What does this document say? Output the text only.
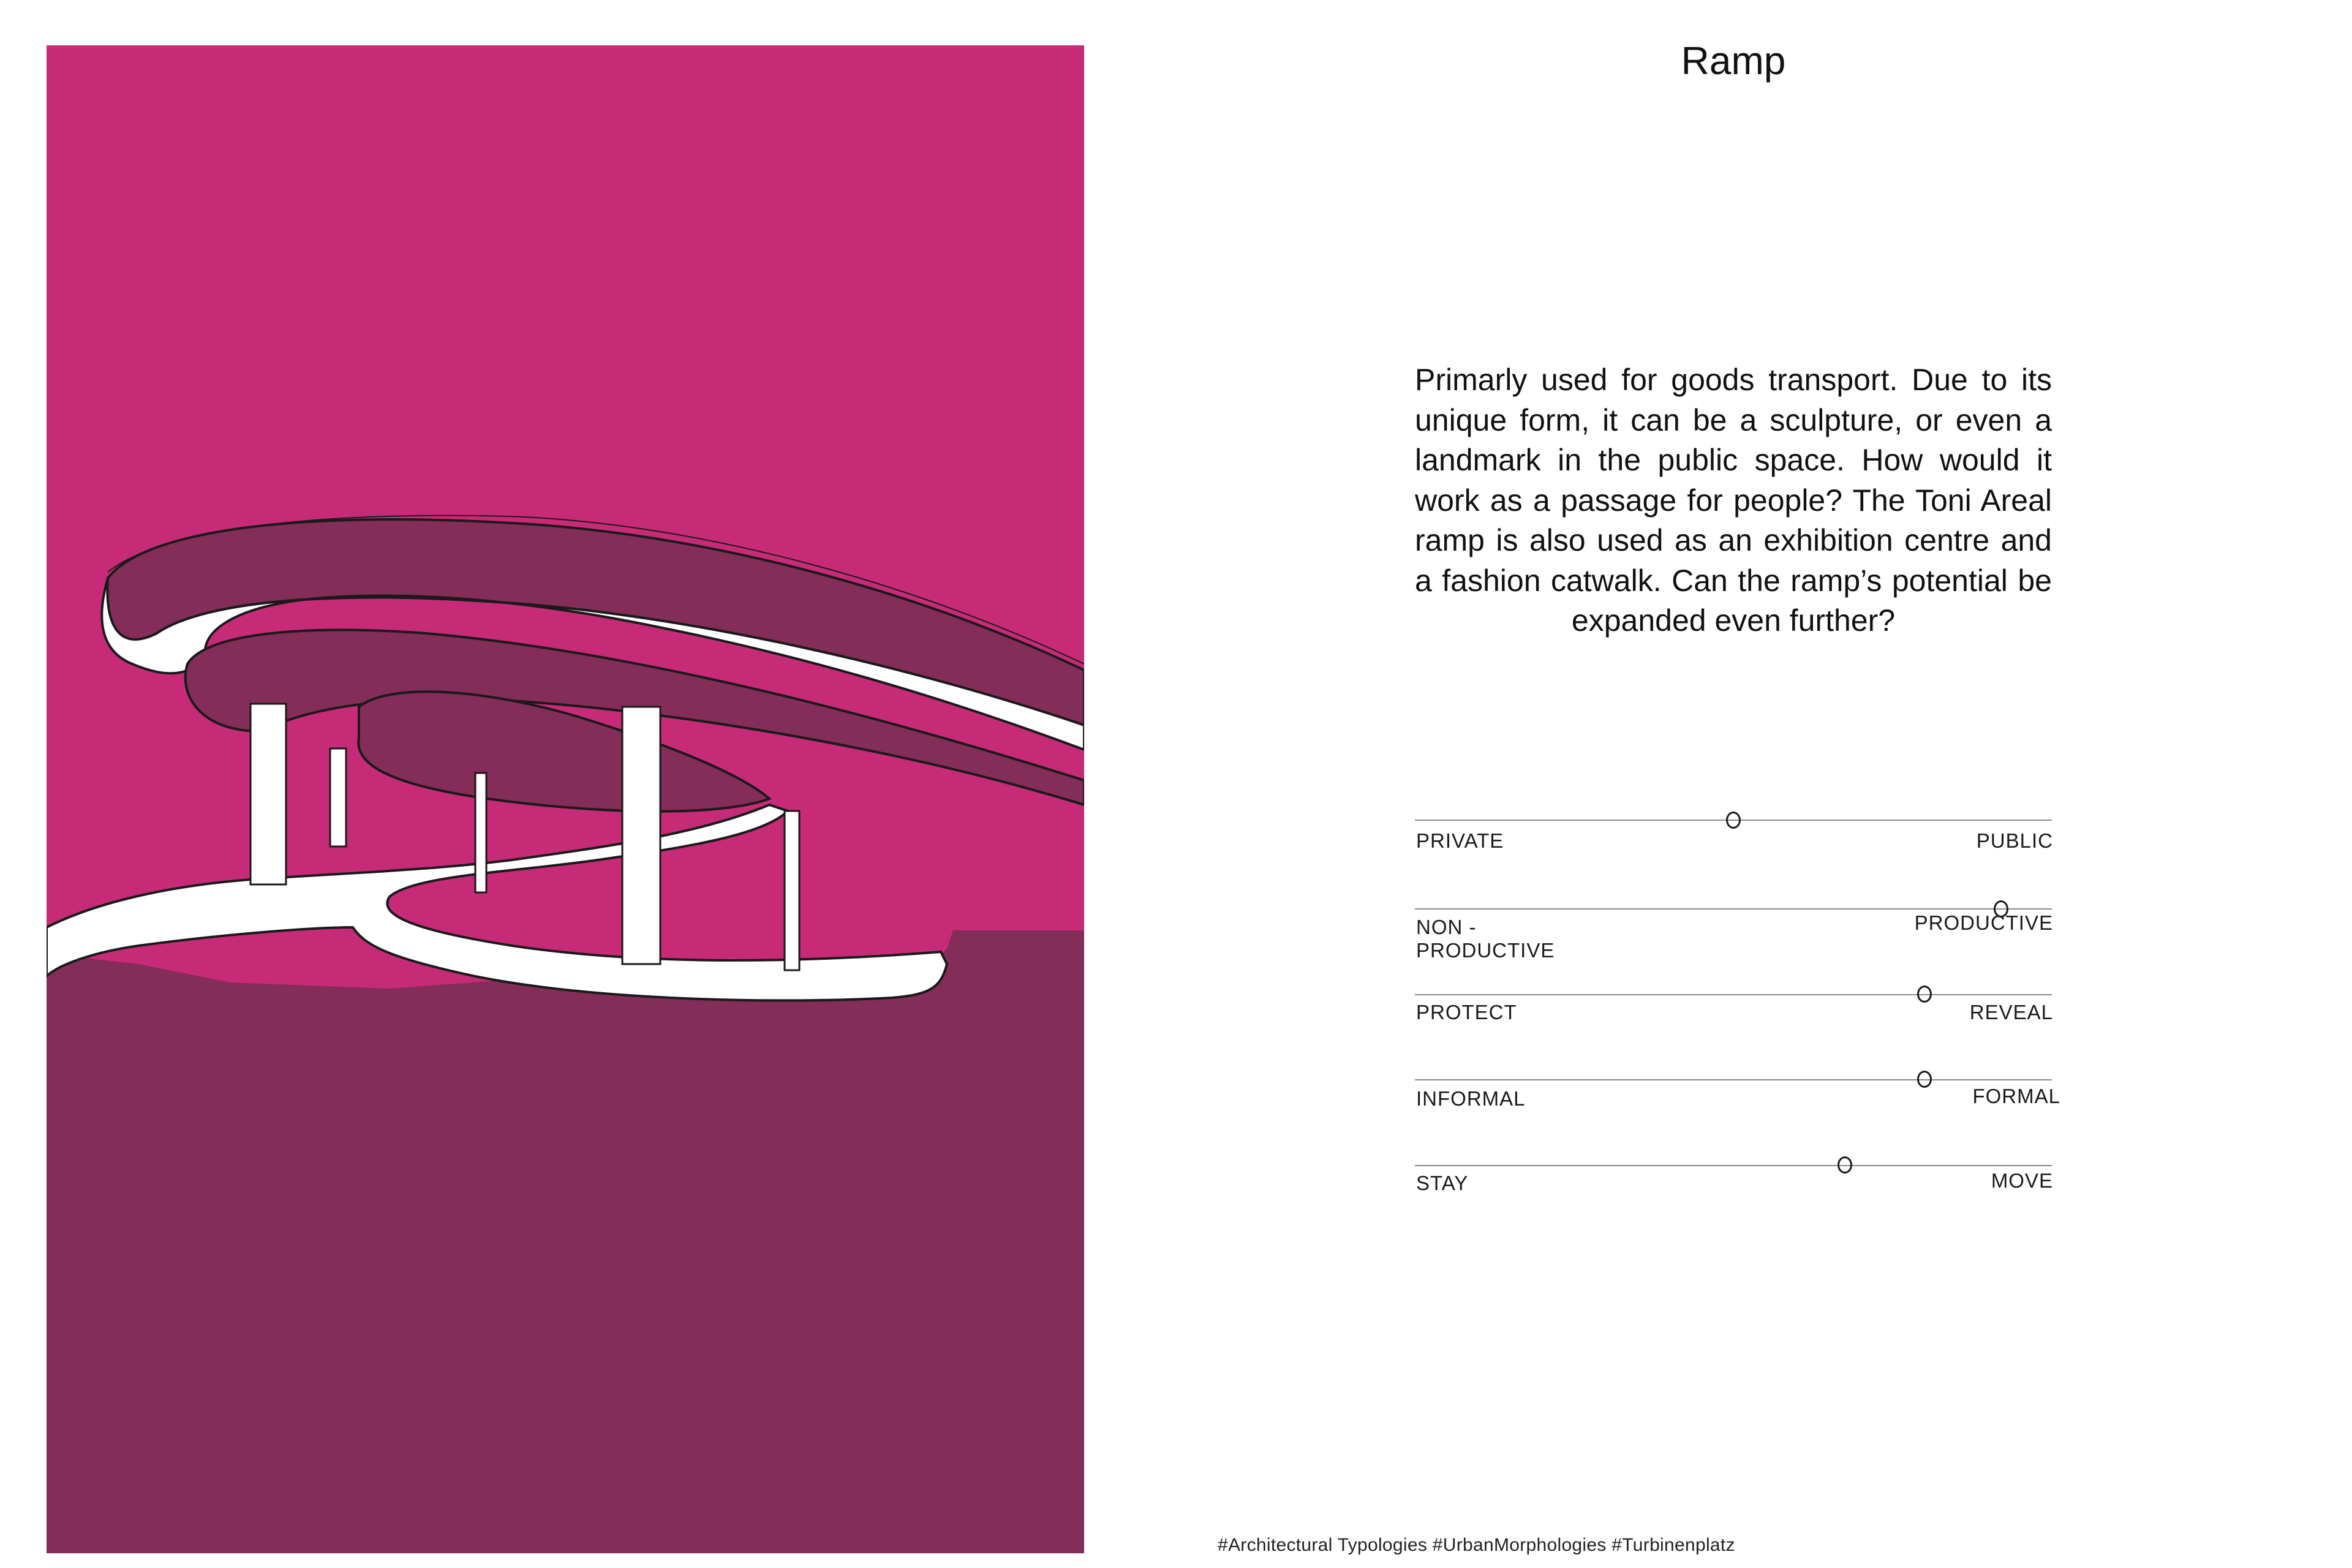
Ramp
Primarly used for goods transport. Due to its unique form, it can be a sculpture, or even a landmark in the public space. How would it work as a passage for people? The Toni Areal ramp is also used as an exhibition centre and a fashion catwalk. Can the ramp’s potential be expanded even further?
PRIVATE	PUBLIC
NON - PRODUCTIVE
PRODUCTIVE
PROTECT	REVEAL
INFORMAL	FORMAL
STAY	MOVE
#Architectural Typologies #UrbanMorphologies #Turbinenplatz
